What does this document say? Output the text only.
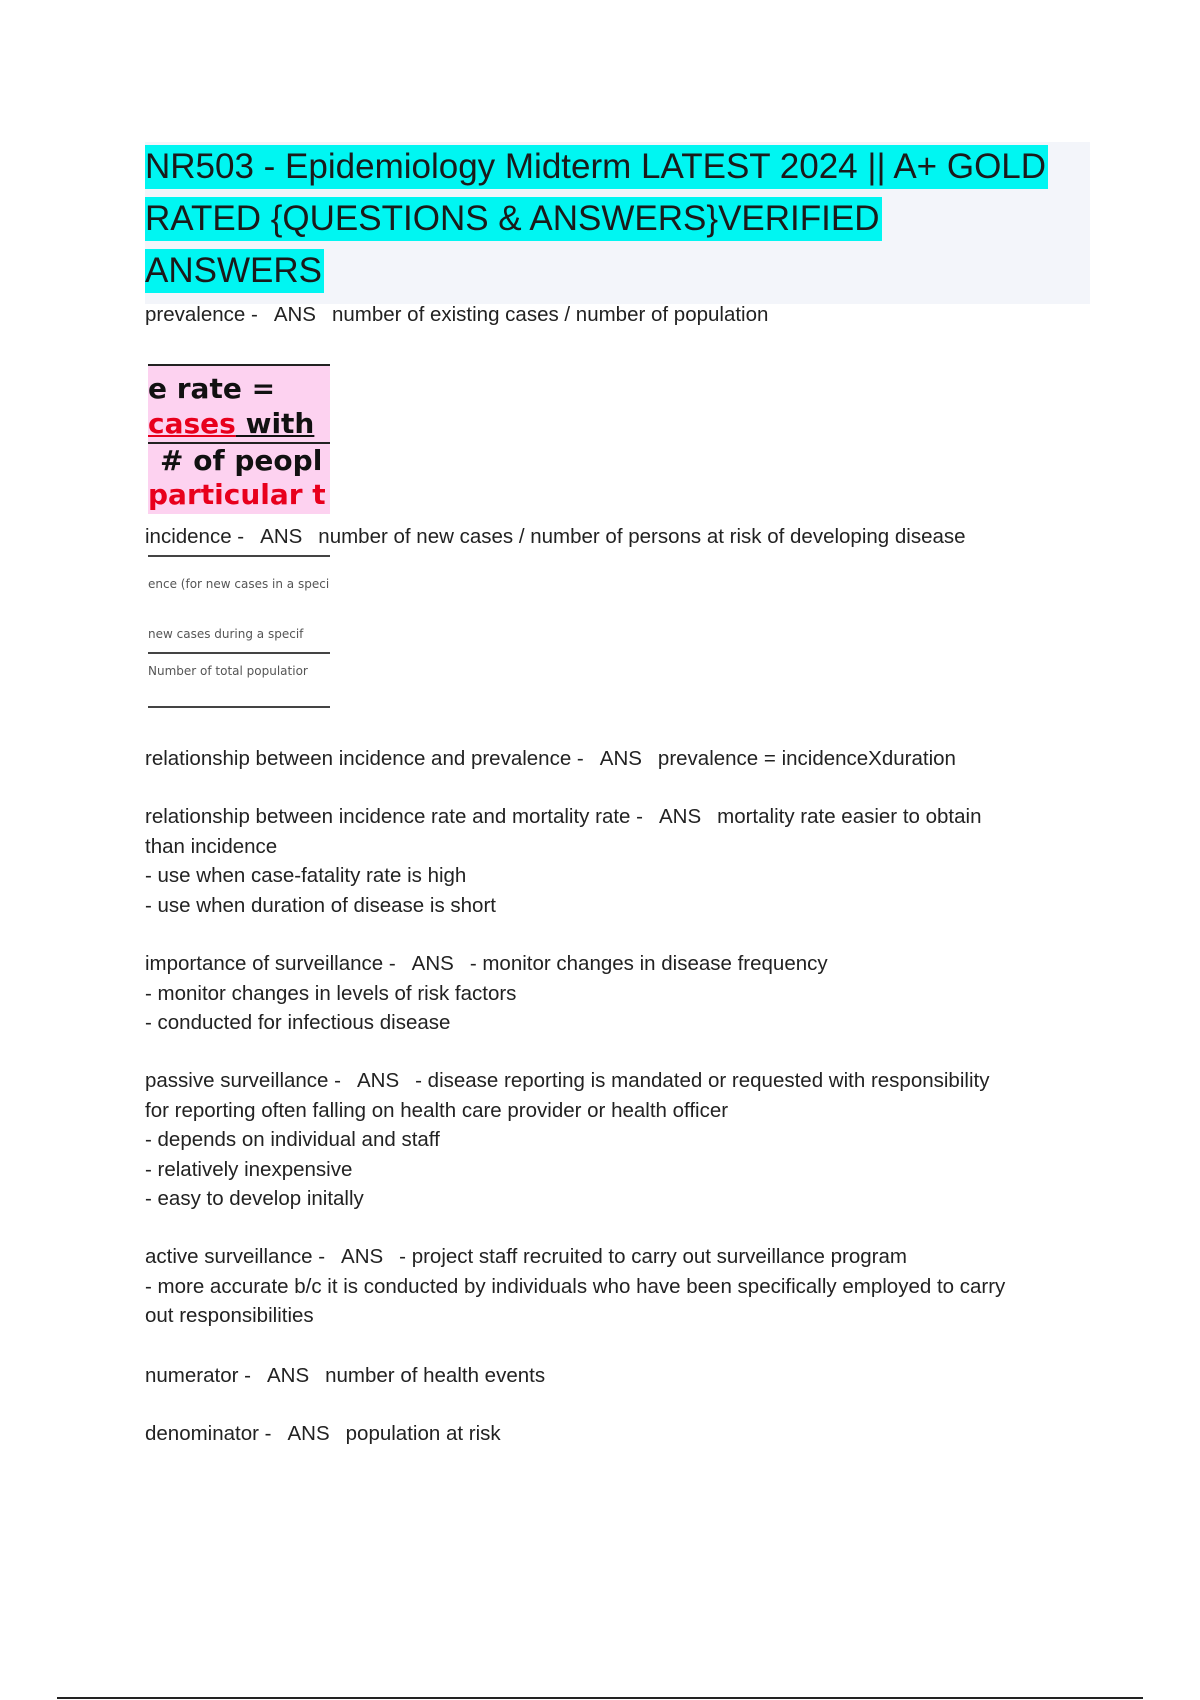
NR503 - Epidemiology Midterm LATEST 2024 || A+ GOLD
RATED {QUESTIONS & ANSWERS}VERIFIED
ANSWERS
prevalence - ANS number of existing cases / number of population
e rate =
cases with
# of peopl
particular t
incidence - ANS number of new cases / number of persons at risk of developing disease
ence (for new cases in a speci
new cases during a specif
Number of total populatior
relationship between incidence and prevalence - ANS prevalence = incidenceXduration
relationship between incidence rate and mortality rate - ANS mortality rate easier to obtain
than incidence
- use when case-fatality rate is high
- use when duration of disease is short
importance of surveillance - ANS - monitor changes in disease frequency
- monitor changes in levels of risk factors
- conducted for infectious disease
passive surveillance - ANS - disease reporting is mandated or requested with responsibility
for reporting often falling on health care provider or health officer
- depends on individual and staff
- relatively inexpensive
- easy to develop initally
active surveillance - ANS - project staff recruited to carry out surveillance program
- more accurate b/c it is conducted by individuals who have been specifically employed to carry
out responsibilities
numerator - ANS number of health events
denominator - ANS population at risk
